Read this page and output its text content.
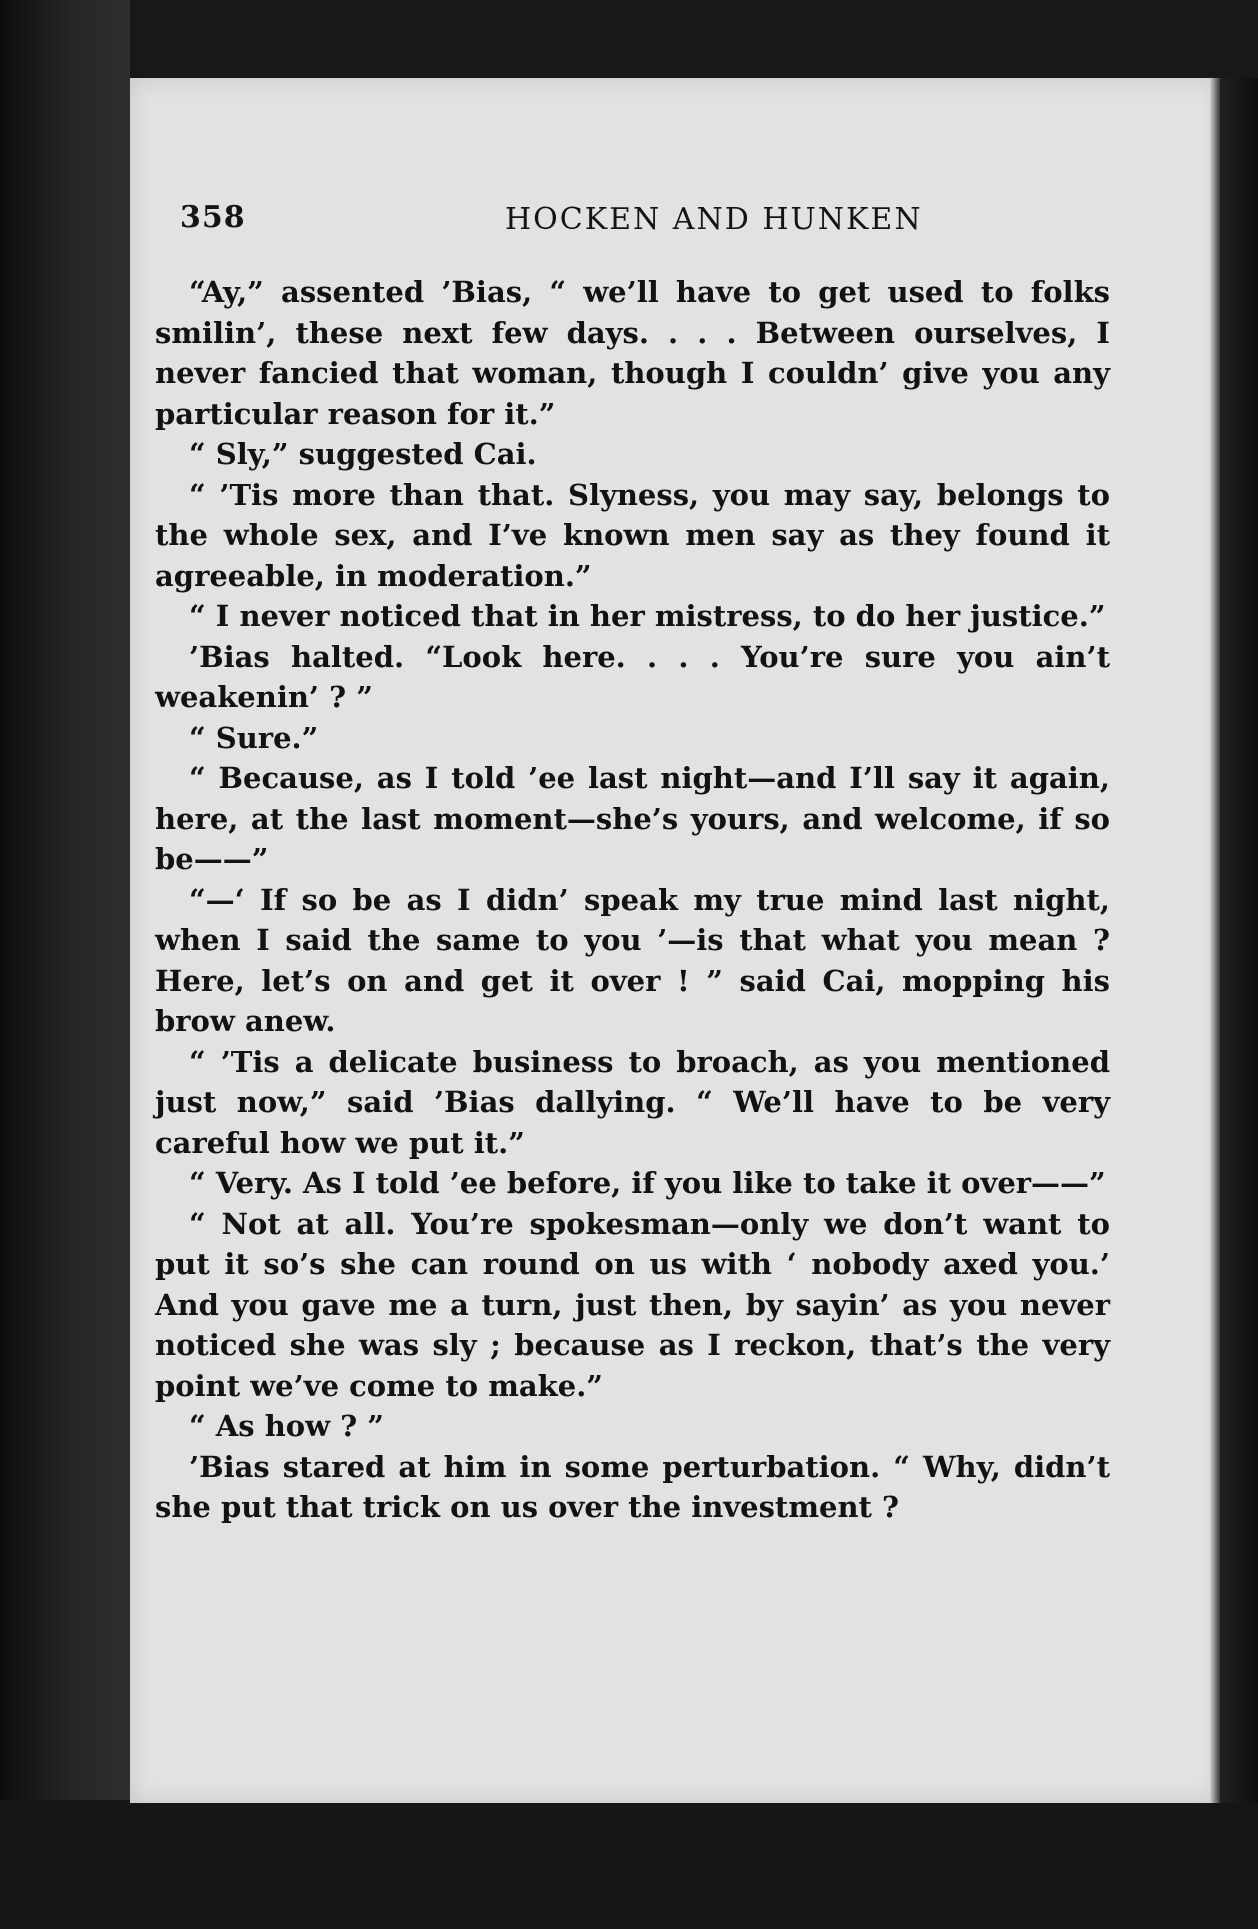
358	HOCKEN AND HUNKEN

“Ay,” assented ’Bias, “ we’ll have to get used to folks smilin’, these next few days. . . . Between ourselves, I never fancied that woman, though I couldn’ give you any particular reason for it.”

“ Sly,” suggested Cai.

“ ’Tis more than that. Slyness, you may say, belongs to the whole sex, and I’ve known men say as they found it agreeable, in moderation.”

“ I never noticed that in her mistress, to do her justice.”

’Bias halted. “Look here. . . . You’re sure you ain’t weakenin’ ? ”

“ Sure.”

“ Because, as I told ’ee last night—and I’ll say it again, here, at the last moment—she’s yours, and welcome, if so be——”

“—‘ If so be as I didn’ speak my true mind last night, when I said the same to you ’—is that what you mean ? Here, let’s on and get it over ! ” said Cai, mopping his brow anew.

“ ’Tis a delicate business to broach, as you mentioned just now,” said ’Bias dallying. “ We’ll have to be very careful how we put it.”

“ Very. As I told ’ee before, if you like to take it over——”

“ Not at all. You’re spokesman—only we don’t want to put it so’s she can round on us with ‘ nobody axed you.’ And you gave me a turn, just then, by sayin’ as you never noticed she was sly ; because as I reckon, that’s the very point we’ve come to make.”

“ As how ? ”

’Bias stared at him in some perturbation. “ Why, didn’t she put that trick on us over the investment ?
